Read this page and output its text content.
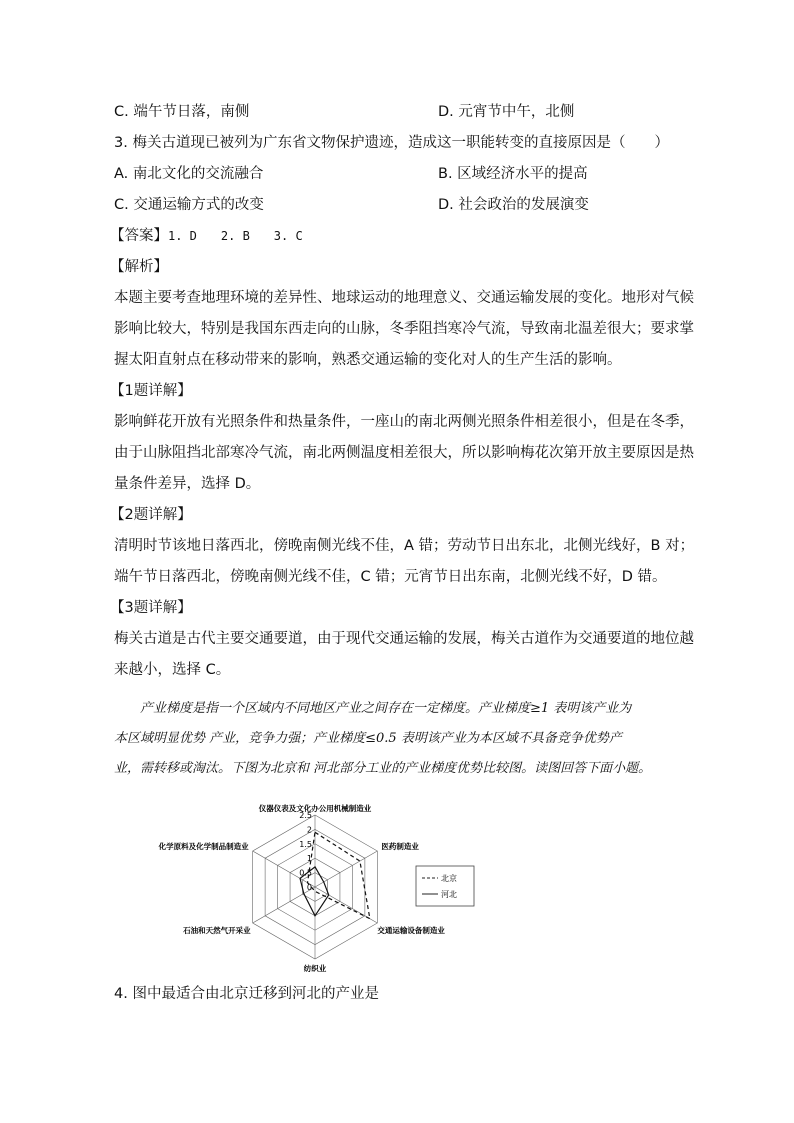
C. 端午节日落，南侧	D. 元宵节中午，北侧
3. 梅关古道现已被列为广东省文物保护遗迹，造成这一职能转变的直接原因是（　　）
A. 南北文化的交流融合	B. 区域经济水平的提高
C. 交通运输方式的改变	D. 社会政治的发展演变
【答案】1. D　　2. B　　3. C
【解析】
本题主要考查地理环境的差异性、地球运动的地理意义、交通运输发展的变化。地形对气候
影响比较大，特别是我国东西走向的山脉，冬季阻挡寒冷气流，导致南北温差很大；要求掌
握太阳直射点在移动带来的影响，熟悉交通运输的变化对人的生产生活的影响。
【1题详解】
影响鲜花开放有光照条件和热量条件，一座山的南北两侧光照条件相差很小，但是在冬季，
由于山脉阻挡北部寒冷气流，南北两侧温度相差很大，所以影响梅花次第开放主要原因是热
量条件差异，选择 D。
【2题详解】
清明时节该地日落西北，傍晚南侧光线不佳，A 错；劳动节日出东北，北侧光线好，B 对；
端午节日落西北，傍晚南侧光线不佳，C 错；元宵节日出东南，北侧光线不好，D 错。
【3题详解】
梅关古道是古代主要交通要道，由于现代交通运输的发展，梅关古道作为交通要道的地位越
来越小，选择 C。
产业梯度是指一个区域内不同地区产业之间存在一定梯度。产业梯度≥1 表明该产业为
本区域明显优势 产业，竞争力强；产业梯度≤0.5 表明该产业为本区域不具备竞争优势产
业，需转移或淘汰。下图为北京和 河北部分工业的产业梯度优势比较图。读图回答下面小题。
2.5
2
1.5
1
0.5
0
仪器仪表及文化办公用机械制造业
医药制造业
交通运输设备制造业
纺织业
石油和天然气开采业
化学原料及化学制品制造业
北京
河北
4. 图中最适合由北京迁移到河北的产业是
